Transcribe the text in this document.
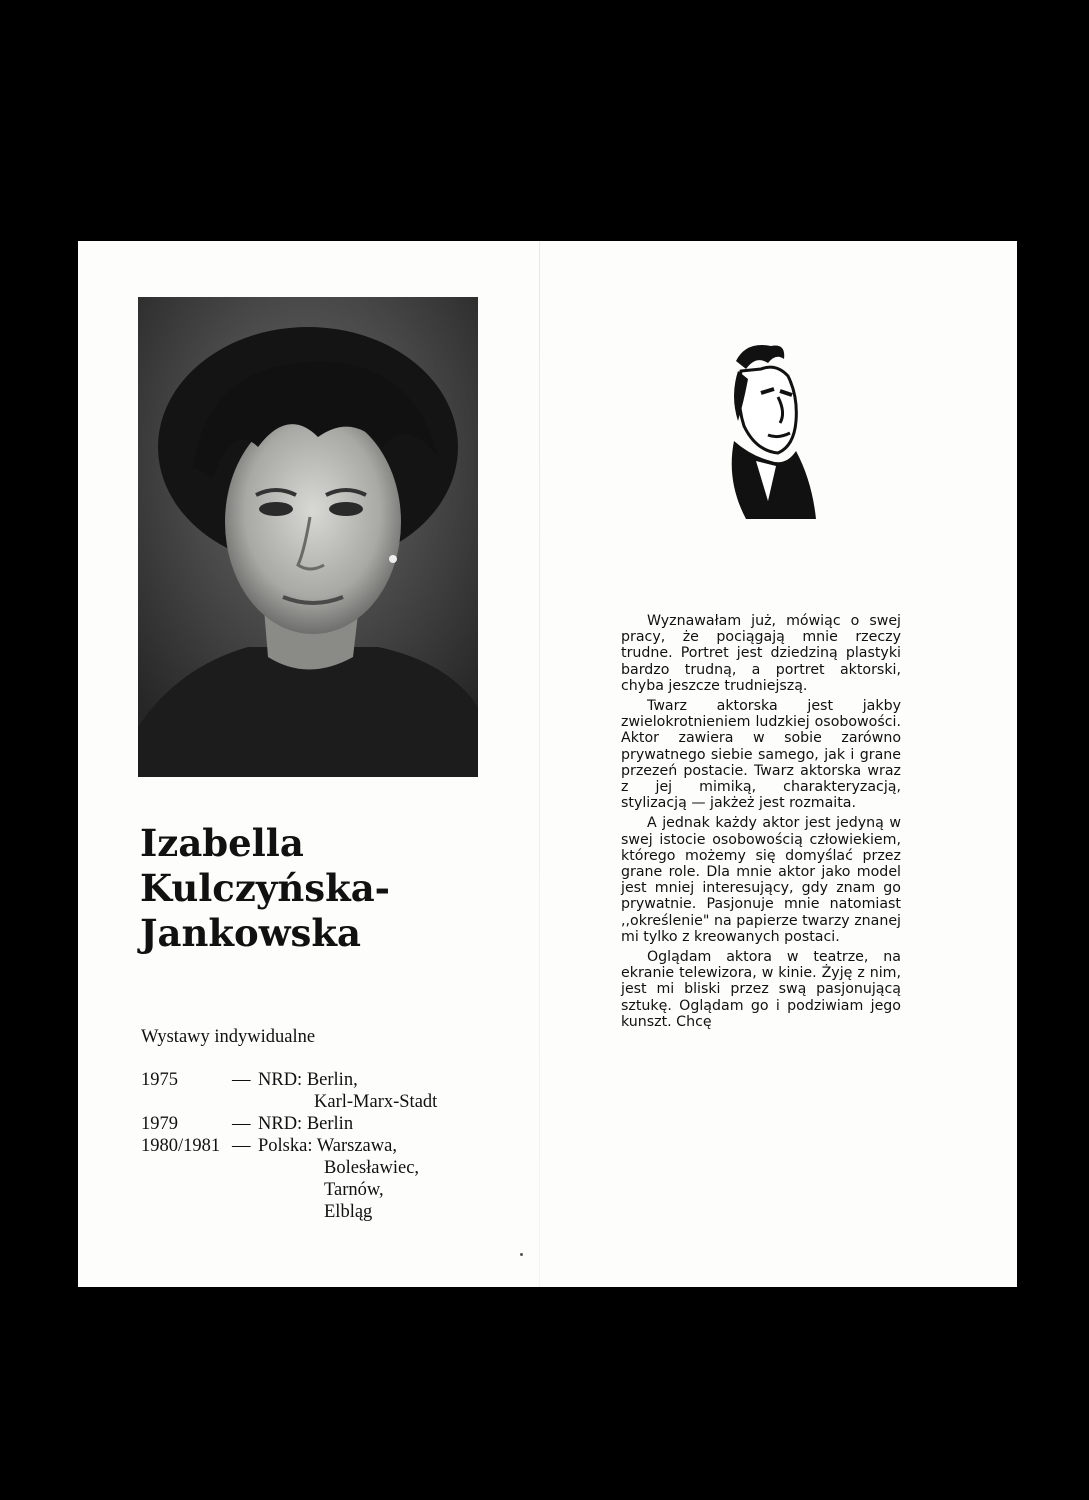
Izabella
Kulczyńska-
Jankowska
Wystawy indywidualne
1975	— NRD: Berlin,
Karl-Marx-Stadt
1979	— NRD: Berlin
1980/1981 — Polska: Warszawa,
Bolesławiec,
Tarnów,
Elbląg

Wyznawałam już, mówiąc o swej pracy, że pociągają mnie rzeczy trudne. Portret jest dziedziną plastyki bardzo trudną, a portret aktorski, chyba jeszcze trudniejszą.

Twarz aktorska jest jakby zwielokrotnieniem ludzkiej osobowości. Aktor zawiera w sobie zarówno prywatnego siebie samego, jak i grane przezeń postacie. Twarz aktorska wraz z jej mimiką, charakteryzacją, stylizacją — jakżeż jest rozmaita.

A jednak każdy aktor jest jedyną w swej istocie osobowością człowiekiem, którego możemy się domyślać przez grane role. Dla mnie aktor jako model jest mniej interesujący, gdy znam go prywatnie. Pasjonuje mnie natomiast ,,określenie" na papierze twarzy znanej mi tylko z kreowanych postaci.

Oglądam aktora w teatrze, na ekranie telewizora, w kinie. Żyję z nim, jest mi bliski przez swą pasjonującą sztukę. Oglądam go i podziwiam jego kunszt. Chcę
